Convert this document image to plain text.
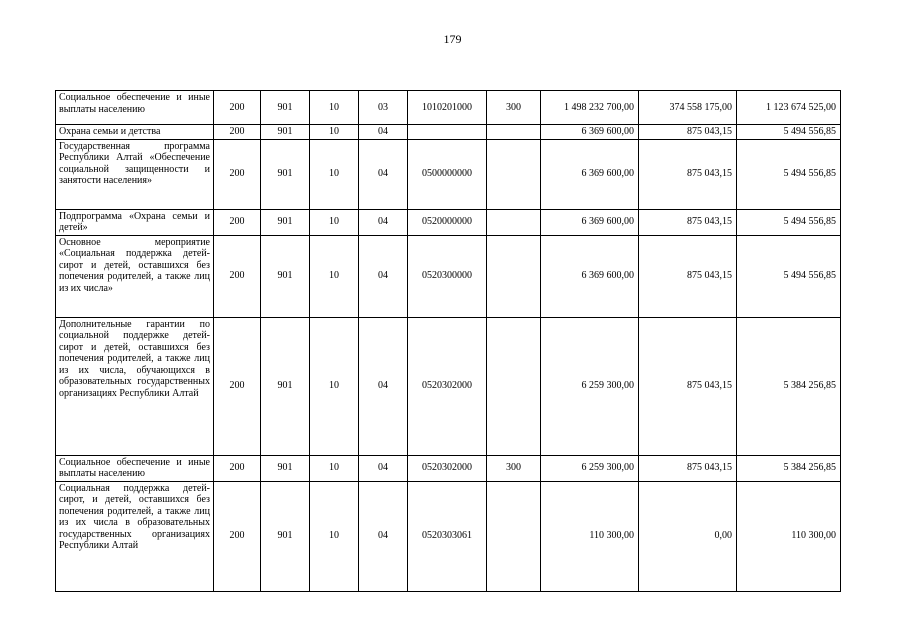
179
Социальное обеспечение и иные выплаты населению	200	901	10	03	1010201000	300	1 498 232 700,00	374 558 175,00	1 123 674 525,00
Охрана семьи и детства	200	901	10	04			6 369 600,00	875 043,15	5 494 556,85
Государственная программа Республики Алтай «Обеспечение социальной защищенности и занятости населения»	200	901	10	04	0500000000		6 369 600,00	875 043,15	5 494 556,85
Подпрограмма «Охрана семьи и детей»	200	901	10	04	0520000000		6 369 600,00	875 043,15	5 494 556,85
Основное мероприятие «Социальная поддержка детей-сирот и детей, оставшихся без попечения родителей, а также лиц из их числа»	200	901	10	04	0520300000		6 369 600,00	875 043,15	5 494 556,85
Дополнительные гарантии по социальной поддержке детей-сирот и детей, оставшихся без попечения родителей, а также лиц из их числа, обучающихся в образовательных государственных организациях Республики Алтай	200	901	10	04	0520302000		6 259 300,00	875 043,15	5 384 256,85
Социальное обеспечение и иные выплаты населению	200	901	10	04	0520302000	300	6 259 300,00	875 043,15	5 384 256,85
Социальная поддержка детей-сирот, и детей, оставшихся без попечения родителей, а также лиц из их числа в образовательных государственных организациях Республики Алтай	200	901	10	04	0520303061		110 300,00	0,00	110 300,00
